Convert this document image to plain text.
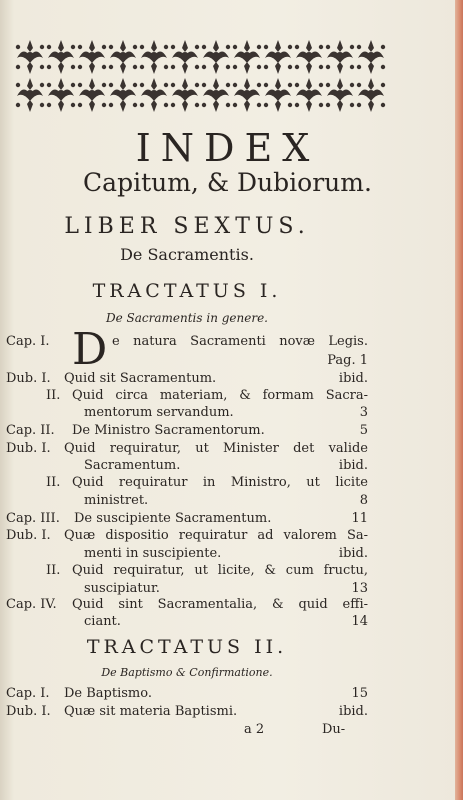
INDEX
Capitum, & Dubiorum.
LIBER SEXTUS.
De Sacramentis.
TRACTATUS I.
De Sacramentis in genere.
D
Cap. I.	e natura Sacramenti novæ Legis.
Pag. 1
Dub. I. Quid sit Sacramentum.	ibid.
II. Quid circa materiam, & formam Sacra-
mentorum servandum.	3
Cap. II. De Ministro Sacramentorum.	5
Dub. I. Quid requiratur, ut Minister det valide
Sacramentum.	ibid.
II. Quid requiratur in Ministro, ut licite
ministret.	8
Cap. III. De suscipiente Sacramentum.	11
Dub. I. Quæ dispositio requiratur ad valorem Sa-
menti in suscipiente.	ibid.
II. Quid requiratur, ut licite, & cum fructu,
suscipiatur.	13
Cap. IV. Quid sint Sacramentalia, & quid effi-
ciant.	14
TRACTATUS II.
De Baptismo & Confirmatione.
Cap. I. De Baptismo.	15
Dub. I. Quæ sit materia Baptismi.	ibid.
a 2	Du-
